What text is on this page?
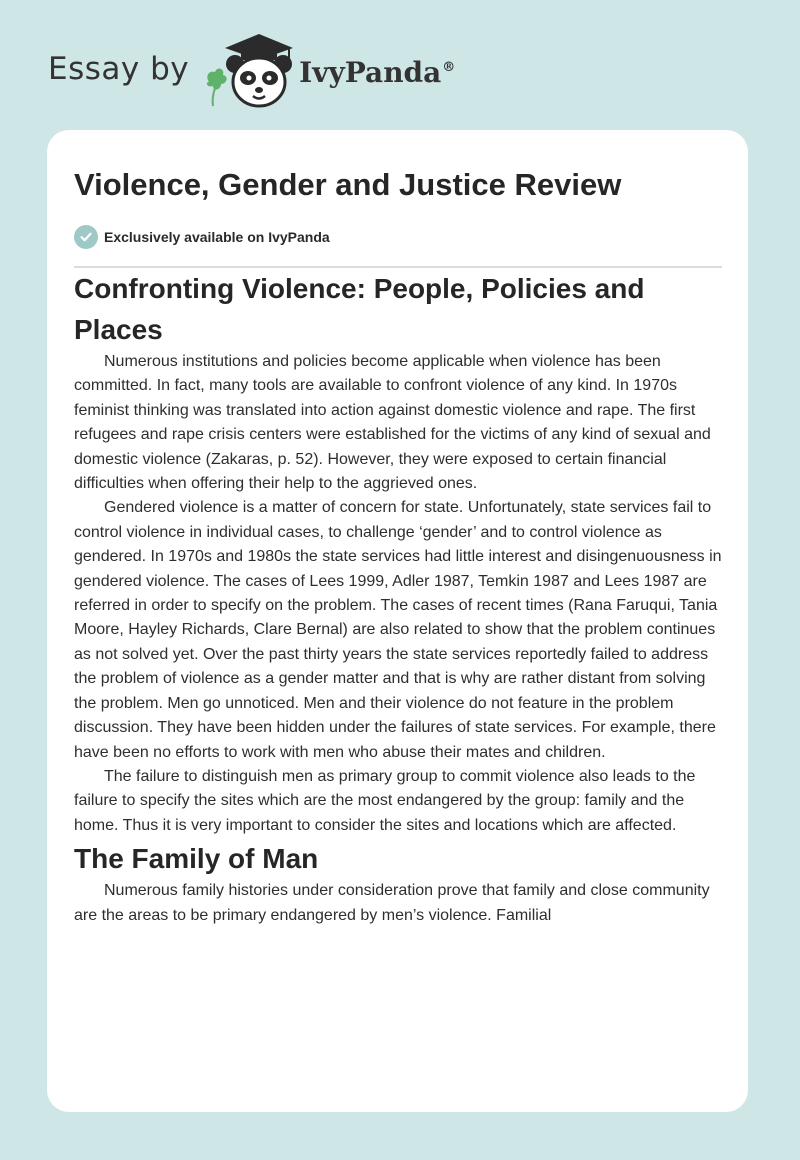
Essay by	IvyPanda®
Violence, Gender and Justice Review
Exclusively available on IvyPanda
Confronting Violence: People, Policies and Places

Numerous institutions and policies become applicable when violence has been committed. In fact, many tools are available to confront violence of any kind. In 1970s feminist thinking was translated into action against domestic violence and rape. The first refugees and rape crisis centers were established for the victims of any kind of sexual and domestic violence (Zakaras, p. 52). However, they were exposed to certain financial difficulties when offering their help to the aggrieved ones.

Gendered violence is a matter of concern for state. Unfortunately, state services fail to control violence in individual cases, to challenge ‘gender’ and to control violence as gendered. In 1970s and 1980s the state services had little interest and disingenuousness in gendered violence. The cases of Lees 1999, Adler 1987, Temkin 1987 and Lees 1987 are referred in order to specify on the problem. The cases of recent times (Rana Faruqui, Tania Moore, Hayley Richards, Clare Bernal) are also related to show that the problem continues as not solved yet. Over the past thirty years the state services reportedly failed to address the problem of violence as a gender matter and that is why are rather distant from solving the problem. Men go unnoticed. Men and their violence do not feature in the problem discussion. They have been hidden under the failures of state services. For example, there have been no efforts to work with men who abuse their mates and children.

The failure to distinguish men as primary group to commit violence also leads to the failure to specify the sites which are the most endangered by the group: family and the home. Thus it is very important to consider the sites and locations which are affected.

The Family of Man

Numerous family histories under consideration prove that family and close community are the areas to be primary endangered by men’s violence. Familial
